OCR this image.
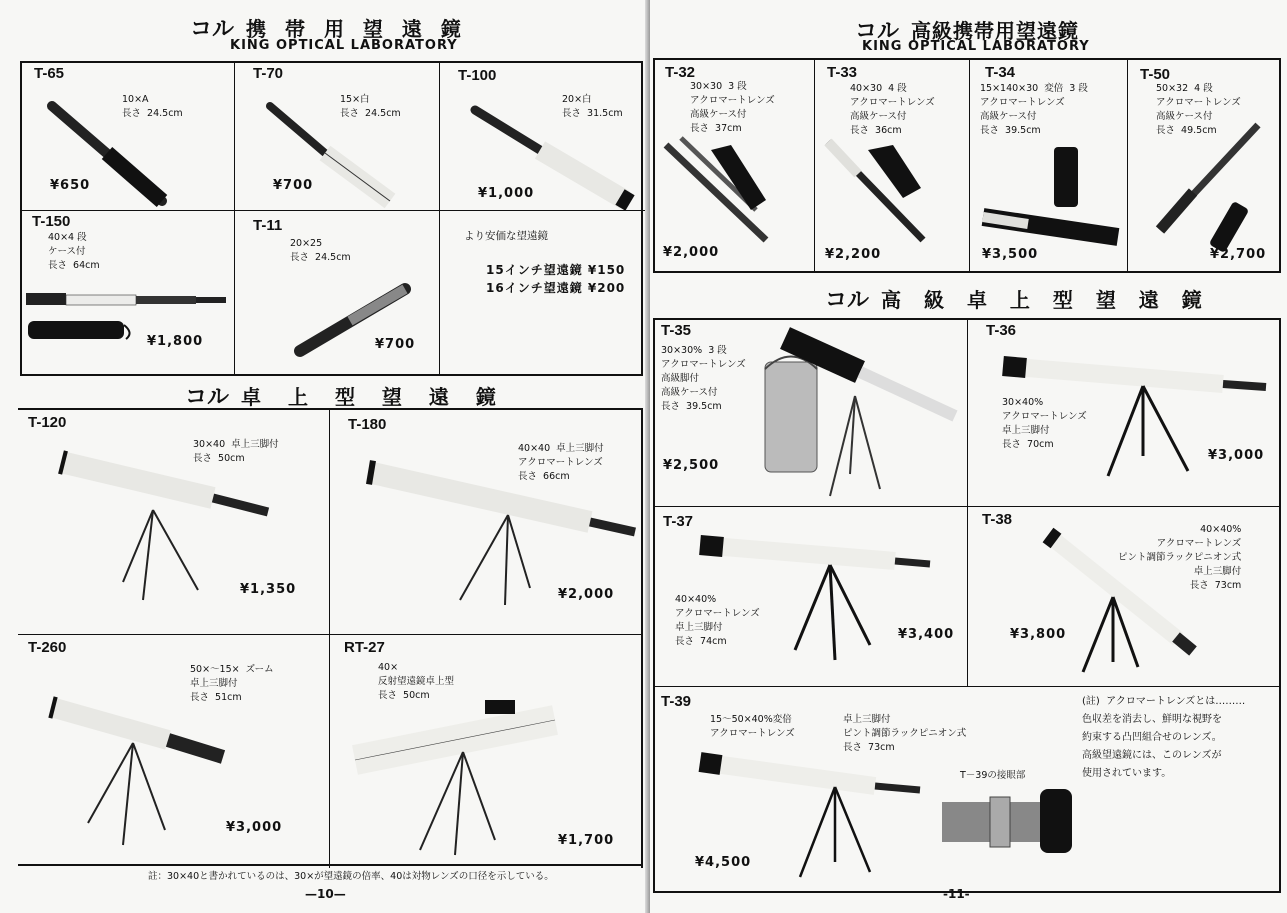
コル 携 帯 用 望 遠 鏡
KING OPTICAL LABORATORY
T-65
10×A
長さ  24.5cm
¥650
T-70
15×白
長さ  24.5cm
¥700
T-100
20×白
長さ  31.5cm
¥1,000
T-150
40×4 段
ケース付
長さ  64cm
¥1,800
T-11
20×25
長さ  24.5cm
¥700
より安価な望遠鏡
15インチ望遠鏡 ¥150
16インチ望遠鏡 ¥200
コル 卓 上 型 望 遠 鏡
T-120
30×40  卓上三脚付
長さ  50cm
¥1,350
T-180
40×40  卓上三脚付
アクロマートレンズ
長さ  66cm
¥2,000
T-260
50×～15×  ズーム
卓上三脚付
長さ  51cm
¥3,000
RT-27
40×
反射望遠鏡卓上型
長さ  50cm
¥1,700
註：30×40と書かれているのは、30×が望遠鏡の倍率、40は対物レンズの口径を示している。
—10—
コル 高級携帯用望遠鏡
KING OPTICAL LABORATORY
T-32
30×30  3 段
アクロマートレンズ
高級ケース付
長さ  37cm
¥2,000
T-33
40×30  4 段
アクロマートレンズ
高級ケース付
長さ  36cm
¥2,200
T-34
15×140×30  変倍  3 段
アクロマートレンズ
高級ケース付
長さ  39.5cm
¥3,500
T-50
50×32  4 段
アクロマートレンズ
高級ケース付
長さ  49.5cm
¥2,700
コル 高 級 卓 上 型 望 遠 鏡
T-35
30×30%  3 段
アクロマートレンズ
高級脚付
高級ケース付
長さ  39.5cm
¥2,500
T-36
30×40%
アクロマートレンズ
卓上三脚付
長さ  70cm
¥3,000
T-37
40×40%
アクロマートレンズ
卓上三脚付
長さ  74cm	¥3,400
T-38
40×40%
アクロマートレンズ
ピント調節ラックピニオン式
卓上三脚付
長さ  73cm
¥3,800
T-39
15～50×40%変倍
アクロマートレンズ
卓上三脚付
ピント調節ラックピニオン式
長さ  73cm
T－39の接眼部
¥4,500
(註)  アクロマートレンズとは………
色収差を消去し、鮮明な視野を
約束する凸凹組合せのレンズ。
高級望遠鏡には、このレンズが
使用されています。
-11-
